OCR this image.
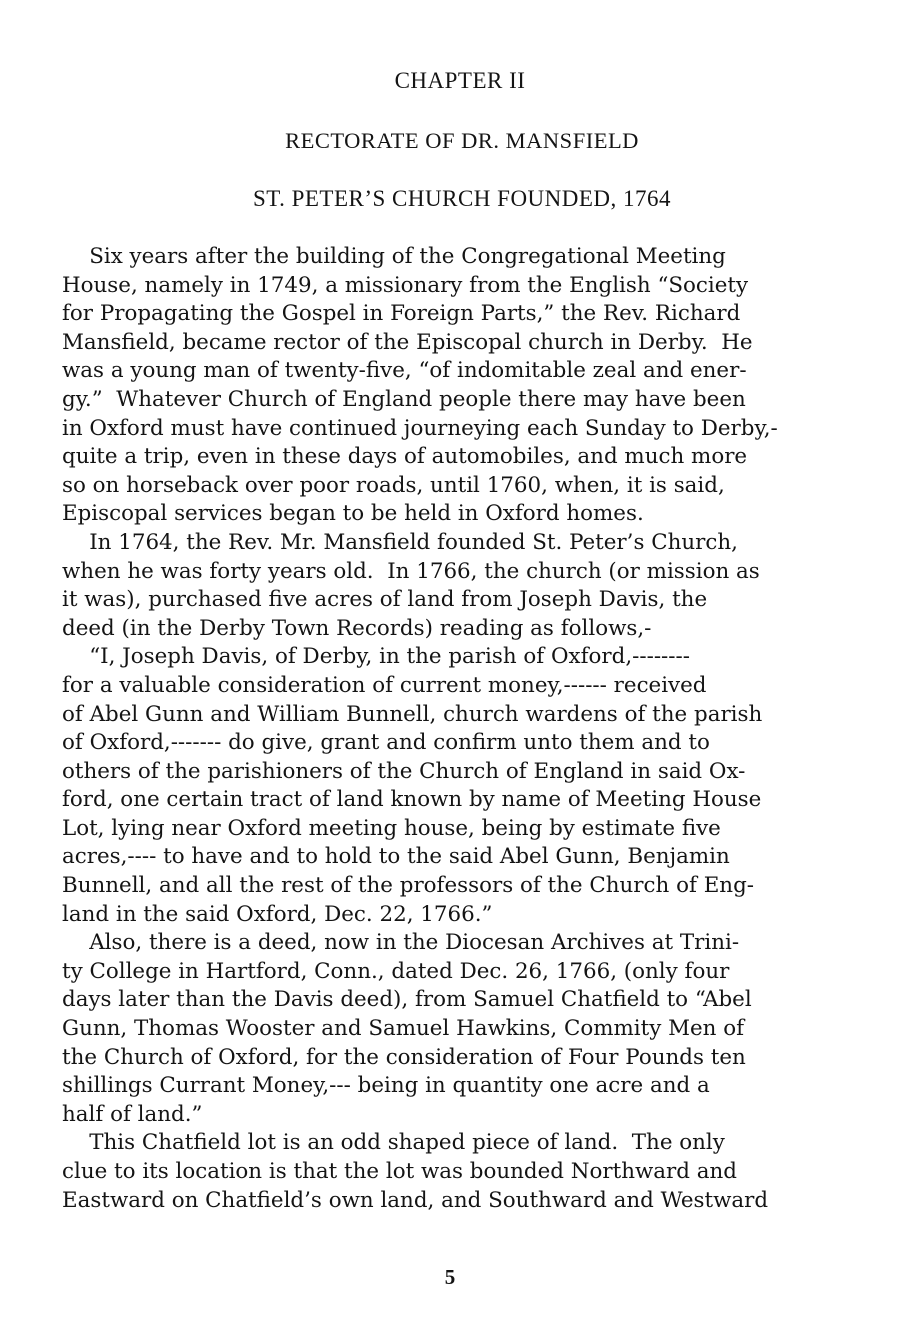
CHAPTER II
RECTORATE OF DR. MANSFIELD
ST. PETER’S CHURCH FOUNDED, 1764
Six years after the building of the Congregational Meeting
House, namely in 1749, a missionary from the English “Society
for Propagating the Gospel in Foreign Parts,” the Rev. Richard
Mansfield, became rector of the Episcopal church in Derby.  He
was a young man of twenty-five, “of indomitable zeal and ener-
gy.”  Whatever Church of England people there may have been
in Oxford must have continued journeying each Sunday to Derby,-
quite a trip, even in these days of automobiles, and much more
so on horseback over poor roads, until 1760, when, it is said,
Episcopal services began to be held in Oxford homes.
In 1764, the Rev. Mr. Mansfield founded St. Peter’s Church,
when he was forty years old.  In 1766, the church (or mission as
it was), purchased five acres of land from Joseph Davis, the
deed (in the Derby Town Records) reading as follows,-
“I, Joseph Davis, of Derby, in the parish of Oxford,--------
for a valuable consideration of current money,------ received
of Abel Gunn and William Bunnell, church wardens of the parish
of Oxford,------- do give, grant and confirm unto them and to
others of the parishioners of the Church of England in said Ox-
ford, one certain tract of land known by name of Meeting House
Lot, lying near Oxford meeting house, being by estimate five
acres,---- to have and to hold to the said Abel Gunn, Benjamin
Bunnell, and all the rest of the professors of the Church of Eng-
land in the said Oxford, Dec. 22, 1766.”
Also, there is a deed, now in the Diocesan Archives at Trini-
ty College in Hartford, Conn., dated Dec. 26, 1766, (only four
days later than the Davis deed), from Samuel Chatfield to “Abel
Gunn, Thomas Wooster and Samuel Hawkins, Commity Men of
the Church of Oxford, for the consideration of Four Pounds ten
shillings Currant Money,--- being in quantity one acre and a
half of land.”
This Chatfield lot is an odd shaped piece of land.  The only
clue to its location is that the lot was bounded Northward and
Eastward on Chatfield’s own land, and Southward and Westward
5
